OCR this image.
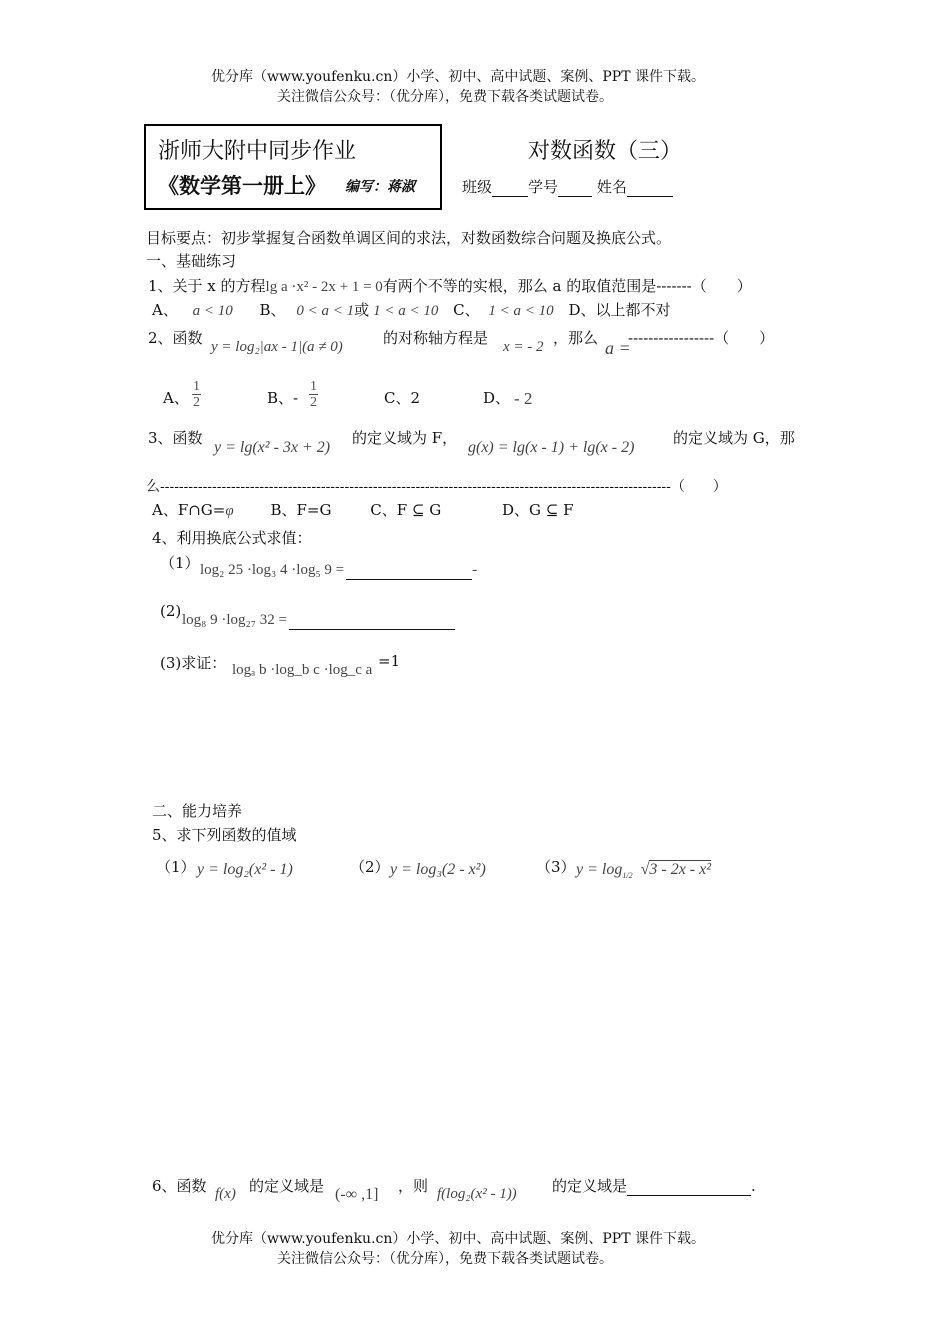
优分库（www.youfenku.cn）小学、初中、高中试题、案例、PPT 课件下载。
关注微信公众号：（优分库），免费下载各类试题试卷。
浙师大附中同步作业
《数学第一册上》 编写：蒋淑
对数函数（三）
班级 学号	姓名
目标要点：初步掌握复合函数单调区间的求法，对数函数综合问题及换底公式。
一、基础练习
1、关于 x 的方程lg a ·x² - 2x + 1 = 0有两个不等的实根，那么 a 的取值范围是-------（　　）
A、 a < 10 B、 0 < a < 1或 1 < a < 10 C、 1 < a < 10 D、以上都不对
2、函数 y = log₂|ax - 1|(a ≠ 0)	的对称轴方程是 x = - 2 ，那么 a =
-----------------（　　）
A、 $\frac{1}{2}$	B、- $\frac{1}{2}$	C、2	D、 - 2
3、函数
y = lg(x² - 3x + 2)
的定义域为 F，
g(x) = lg(x - 1) + lg(x - 2)
的定义域为 G，那
么------------------------------------------------------------------------------------------------------------（　　）
A、F∩G=φ B、F=G	C、F ⊆ G	D、G ⊆ F
4、利用换底公式求值：
（1） log₂ 25 ·log₃ 4 ·log₅ 9 =	-
(2) log₈ 9 ·log₂₇ 32 =
(3)求证： logₐ b ·log_b c ·log_c a =1
二、能力培养
5、求下列函数的值域
（1） y = log₂(x² - 1)	（2） y = log₃(2 - x²)	（3） $y = \log_{1/2} √3 - 2x - x^2$
6、函数 f(x) 的定义域是 (-∞ ,1] ，则 f(log₂(x² - 1)) 的定义域是	.
优分库（www.youfenku.cn）小学、初中、高中试题、案例、PPT 课件下载。
关注微信公众号：（优分库），免费下载各类试题试卷。
